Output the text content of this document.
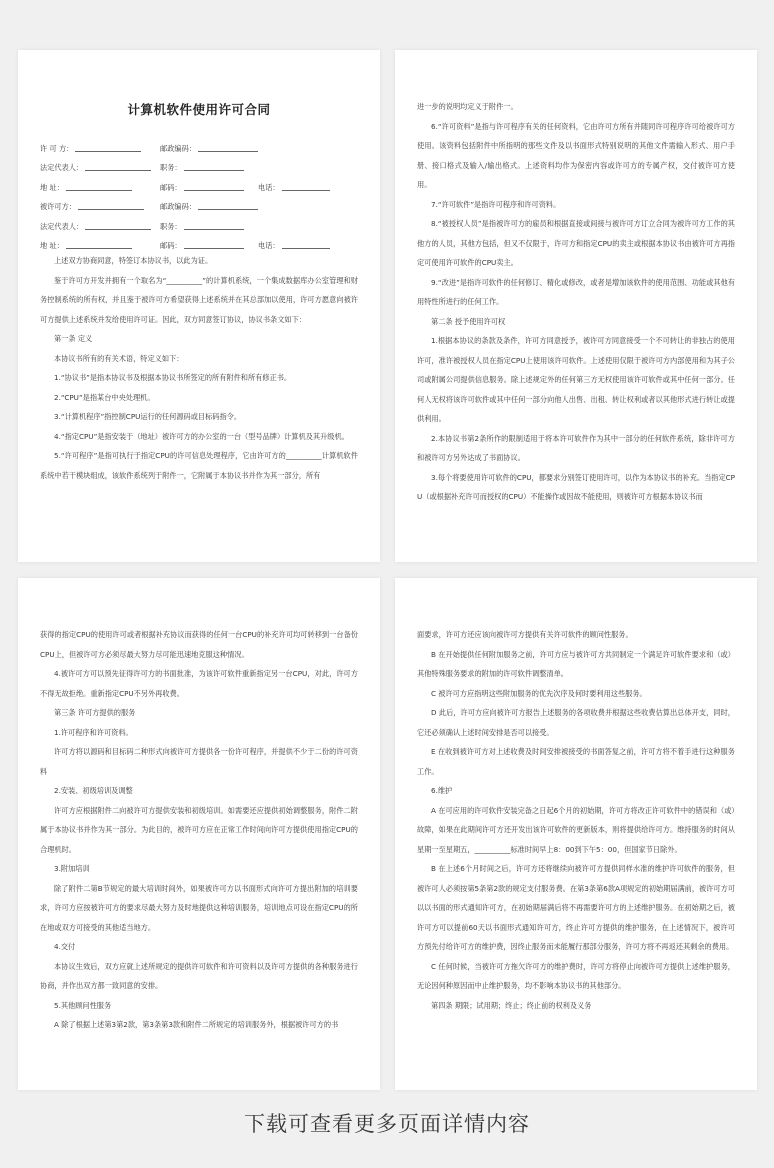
计算机软件使用许可合同
许 可 方：	邮政编码：
法定代表人：	职务：
地 址：	邮码：	电话：
被许可方：	邮政编码：
法定代表人：	职务：
地 址：	邮码：	电话：

上述双方协商同意，特签订本协议书，以此为证。

鉴于许可方开发并拥有一个取名为“__________”的计算机系统，一个集成数据库办公室管理和财务控制系统的所有权，并且鉴于被许可方希望获得上述系统并在其总部加以使用，许可方愿意向被许可方提供上述系统并发给使用许可证。因此，双方同意签订协议，协议书条文如下：

第一条 定义

本协议书所有的有关术语，特定义如下：

1.“协议书”是指本协议书及根据本协议书所签定的所有附件和所有修正书。

2.“CPU”是指某台中央处理机。

3.“计算机程序”指控制CPU运行的任何源码或目标码指令。

4.“指定CPU”是指安装于（地址）被许可方的办公室的一台（型号品牌）计算机及其升级机。

5.“许可程序”是指可执行于指定CPU的许可信息处理程序，它由许可方的__________计算机软件系统中若干模块组成，该软件系统列于附件一，它附属于本协议书并作为其一部分，所有

进一步的说明均定义于附件一。

6.“许可资料”是指与许可程序有关的任何资料，它由许可方所有并随同许可程序许可给被许可方使用。该资料包括附件中所指明的那些文件及以书面形式特别说明的其他文件需输入形式、用户手册、接口格式及输入/输出格式。上述资料均作为保密内容或许可方的专属产权，交付被许可方使用。

7.“许可软件”是指许可程序和许可资料。

8.“被授权人员”是指被许可方的雇员和根据直接或间接与被许可方订立合同为被许可方工作的其他方的人员，其他方包括，但又不仅限于，许可方和指定CPU的卖主或根据本协议书由被许可方再指定可使用许可软件的CPU卖主。

9.“改进”是指许可软件的任何修订、精化或修改，或者是增加该软件的使用范围、功能或其他有用特性所进行的任何工作。

第二条 授予使用许可权

1.根据本协议的条款及条件，许可方同意授予，被许可方同意接受一个不可转让的非独占的使用许可，准许被授权人员在指定CPU上使用该许可软件。上述使用仅限于被许可方内部使用和为其子公司或附属公司提供信息服务。除上述规定外的任何第三方无权使用该许可软件或其中任何一部分。任何人无权将该许可软件或其中任何一部分向他人出售、出租、转让权利或者以其他形式进行转让或提供利用。

2.本协议书第2条所作的限制适用于将本许可软件作为其中一部分的任何软件系统，除非许可方和被许可方另外达成了书面协议。

3.每个将要使用许可软件的CPU，都要求分别签订使用许可，以作为本协议书的补充。当指定CPU（或根据补充许可而授权的CPU）不能操作或因故不能使用，则被许可方根据本协议书而

获得的指定CPU的使用许可或者根据补充协议而获得的任何一台CPU的补充许可均可转移到一台备份CPU上，但被许可方必须尽最大努力尽可能迅速地克服这种情况。

4.被许可方可以预先征得许可方的书面批准，为该许可软件重新指定另一台CPU，对此，许可方不得无故拒绝。重新指定CPU不另外再收费。

第三条 许可方提供的服务

1.许可程序和许可资料。

许可方将以源码和目标码二种形式向被许可方提供各一份许可程序，并提供不少于二份的许可资料

2.安装、初级培训及调整

许可方应根据附件二向被许可方提供安装和初级培训。如需要还应提供初始调整服务，附件二附属于本协议书并作为其一部分。为此目的，被许可方应在正常工作时间向许可方提供使用指定CPU的合理机时。

3.附加培训

除了附件二第B节规定的最大培训时间外，如果被许可方以书面形式向许可方提出附加的培训要求，许可方应按被许可方的要求尽最大努力及时地提供这种培训服务，培训地点可设在指定CPU的所在地或双方可接受的其他适当地方。

4.交付

本协议生效后，双方应就上述所规定的提供许可软件和许可资料以及许可方提供的各种服务进行协商，并作出双方都一致同意的安排。

5.其他顾问性服务

A 除了根据上述第3第2款，第3条第3款和附件二所规定的培训服务外，根据被许可方的书

面要求，许可方还应该向被许可方提供有关许可软件的顾问性服务。

B 在开始提供任何附加服务之前，许可方应与被许可方共同制定一个满足许可软件要求和（或）其他特殊服务要求的附加的许可软件调整清单。

C 被许可方应指明这些附加服务的优先次序及何时要利用这些服务。

D 此后，许可方应向被许可方报告上述服务的各项收费并根据这些收费估算出总体开支，同时，它还必须确认上述时间安排是否可以接受。

E 在收到被许可方对上述收费及时间安排被接受的书面答复之前，许可方将不着手进行这种服务工作。

6.维护

A 在可应用的许可软件安装完备之日起6个月的初始期，许可方将改正许可软件中的错误和（或）故障，如果在此期间许可方还开发出该许可软件的更新版本，则将提供给许可方。维持服务的时间从星期一至星期五，__________标准时间早上8：00到下午5：00，但国家节日除外。

B 在上述6个月时间之后，许可方还将继续向被许可方提供同样水准的维护许可软件的服务，但被许可人必须按第5条第2款的规定支付服务费。在第3条第6款A项规定的初始期届满前，被许可方可以以书面的形式通知许可方，在初始期届满后将不再需要许可方的上述维护服务。在初始期之后，被许可方可以提前60天以书面形式通知许可方，终止许可方提供的维护服务，在上述情况下，被许可方预先付给许可方的维护费，因终止服务而未能履行那部分服务，许可方将不再返还其剩余的费用。

C 任何时候，当被许可方拖欠许可方的维护费时，许可方将停止向被许可方提供上述维护服务，无论因何种原因而中止维护服务，均不影响本协议书的其他部分。

第四条 期限；试用期；终止；终止前的权利及义务

下载可查看更多页面详情内容
